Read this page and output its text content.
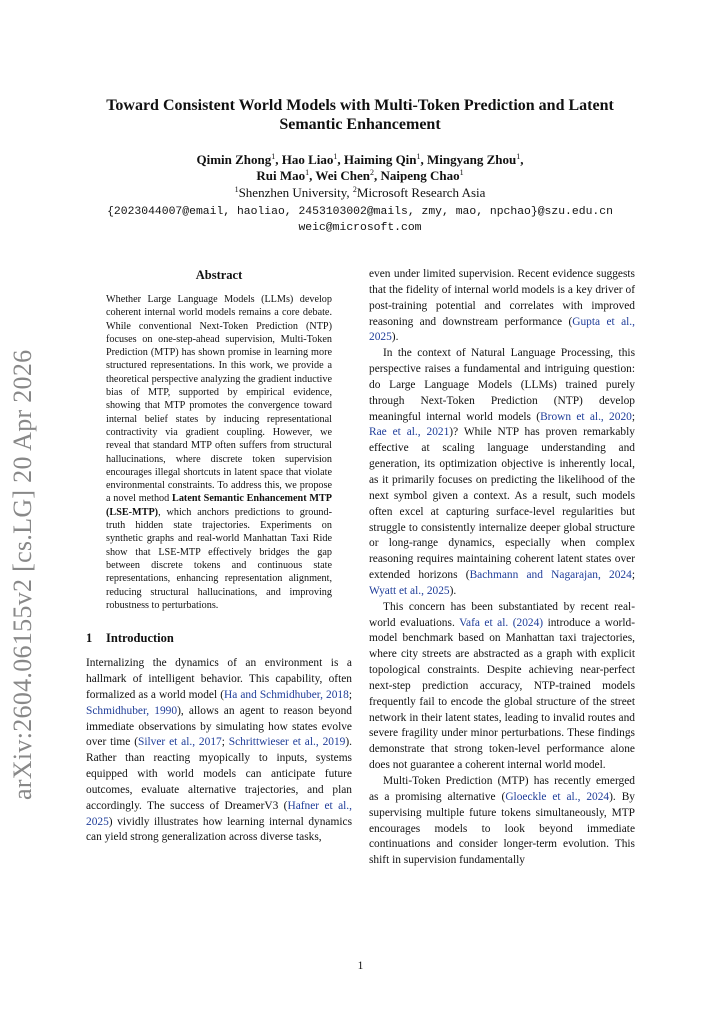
arXiv:2604.06155v2 [cs.LG] 20 Apr 2026
Toward Consistent World Models with Multi-Token Prediction and Latent
Semantic Enhancement
Qimin Zhong$^1$, Hao Liao$^1$, Haiming Qin$^1$, Mingyang Zhou$^1$,
Rui Mao$^1$, Wei Chen$^2$, Naipeng Chao$^1$
$^1$Shenzhen University, $^2$Microsoft Research Asia
{2023044007@email, haoliao, 2453103002@mails, zmy, mao, npchao}@szu.edu.cn
weic@microsoft.com
Abstract
Whether Large Language Models (LLMs) develop coherent internal world models remains a core debate. While conventional Next-Token Prediction (NTP) focuses on one-step-ahead supervision, Multi-Token Prediction (MTP) has shown promise in learning more structured representations. In this work, we provide a theoretical perspective analyzing the gradient inductive bias of MTP, supported by empirical evidence, showing that MTP promotes the convergence toward internal belief states by inducing representational contractivity via gradient coupling. However, we reveal that standard MTP often suffers from structural hallucinations, where discrete token supervision encourages illegal shortcuts in latent space that violate environmental constraints. To address this, we propose a novel method Latent Semantic Enhancement MTP (LSE-MTP), which anchors predictions to ground-truth hidden state trajectories. Experiments on synthetic graphs and real-world Manhattan Taxi Ride show that LSE-MTP effectively bridges the gap between discrete tokens and continuous state representations, enhancing representation alignment, reducing structural hallucinations, and improving robustness to perturbations.
1 Introduction

Internalizing the dynamics of an environment is a hallmark of intelligent behavior. This capability, often formalized as a world model (Ha and Schmidhuber, 2018; Schmidhuber, 1990), allows an agent to reason beyond immediate observations by simulating how states evolve over time (Silver et al., 2017; Schrittwieser et al., 2019). Rather than reacting myopically to inputs, systems equipped with world models can anticipate future outcomes, evaluate alternative trajectories, and plan accordingly. The success of DreamerV3 (Hafner et al., 2025) vividly illustrates how learning internal dynamics can yield strong generalization across diverse tasks,

even under limited supervision. Recent evidence suggests that the fidelity of internal world models is a key driver of post-training potential and correlates with improved reasoning and downstream performance (Gupta et al., 2025).

In the context of Natural Language Processing, this perspective raises a fundamental and intriguing question: do Large Language Models (LLMs) trained purely through Next-Token Prediction (NTP) develop meaningful internal world models (Brown et al., 2020; Rae et al., 2021)? While NTP has proven remarkably effective at scaling language understanding and generation, its optimization objective is inherently local, as it primarily focuses on predicting the likelihood of the next symbol given a context. As a result, such models often excel at capturing surface-level regularities but struggle to consistently internalize deeper global structure or long-range dynamics, especially when complex reasoning requires maintaining coherent latent states over extended horizons (Bachmann and Nagarajan, 2024; Wyatt et al., 2025).

This concern has been substantiated by recent real-world evaluations. Vafa et al. (2024) introduce a world-model benchmark based on Manhattan taxi trajectories, where city streets are abstracted as a graph with explicit topological constraints. Despite achieving near-perfect next-step prediction accuracy, NTP-trained models frequently fail to encode the global structure of the street network in their latent states, leading to invalid routes and severe fragility under minor perturbations. These findings demonstrate that strong token-level performance alone does not guarantee a coherent internal world model.

Multi-Token Prediction (MTP) has recently emerged as a promising alternative (Gloeckle et al., 2024). By supervising multiple future tokens simultaneously, MTP encourages models to look beyond immediate continuations and consider longer-term evolution. This shift in supervision fundamentally

1
